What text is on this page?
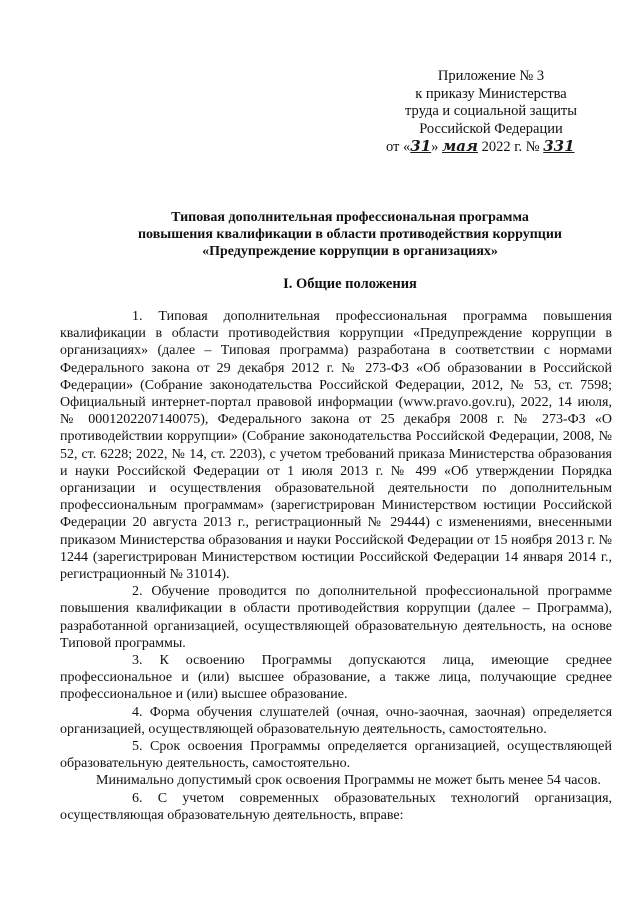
Приложение № 3
к приказу Министерства
труда и социальной защиты
Российской Федерации
от «31» мая 2022 г. № 331
Типовая дополнительная профессиональная программа
повышения квалификации в области противодействия коррупции
«Предупреждение коррупции в организациях»
I. Общие положения

1. Типовая дополнительная профессиональная программа повышения квалификации в области противодействия коррупции «Предупреждение коррупции в организациях» (далее – Типовая программа) разработана в соответствии с нормами Федерального закона от 29 декабря 2012 г. № 273-ФЗ «Об образовании в Российской Федерации» (Собрание законодательства Российской Федерации, 2012, № 53, ст. 7598; Официальный интернет-портал правовой информации (www.pravo.gov.ru), 2022, 14 июля, № 0001202207140075), Федерального закона от 25 декабря 2008 г. № 273-ФЗ «О противодействии коррупции» (Собрание законодательства Российской Федерации, 2008, № 52, ст. 6228; 2022, № 14, ст. 2203), с учетом требований приказа Министерства образования и науки Российской Федерации от 1 июля 2013 г. № 499 «Об утверждении Порядка организации и осуществления образовательной деятельности по дополнительным профессиональным программам» (зарегистрирован Министерством юстиции Российской Федерации 20 августа 2013 г., регистрационный № 29444) с изменениями, внесенными приказом Министерства образования и науки Российской Федерации от 15 ноября 2013 г. № 1244 (зарегистрирован Министерством юстиции Российской Федерации 14 января 2014 г., регистрационный № 31014).

2. Обучение проводится по дополнительной профессиональной программе повышения квалификации в области противодействия коррупции (далее – Программа), разработанной организацией, осуществляющей образовательную деятельность, на основе Типовой программы.

3. К освоению Программы допускаются лица, имеющие среднее профессиональное и (или) высшее образование, а также лица, получающие среднее профессиональное и (или) высшее образование.

4. Форма обучения слушателей (очная, очно-заочная, заочная) определяется организацией, осуществляющей образовательную деятельность, самостоятельно.

5. Срок освоения Программы определяется организацией, осуществляющей образовательную деятельность, самостоятельно.

Минимально допустимый срок освоения Программы не может быть менее 54 часов.

6. С учетом современных образовательных технологий организация, осуществляющая образовательную деятельность, вправе:
